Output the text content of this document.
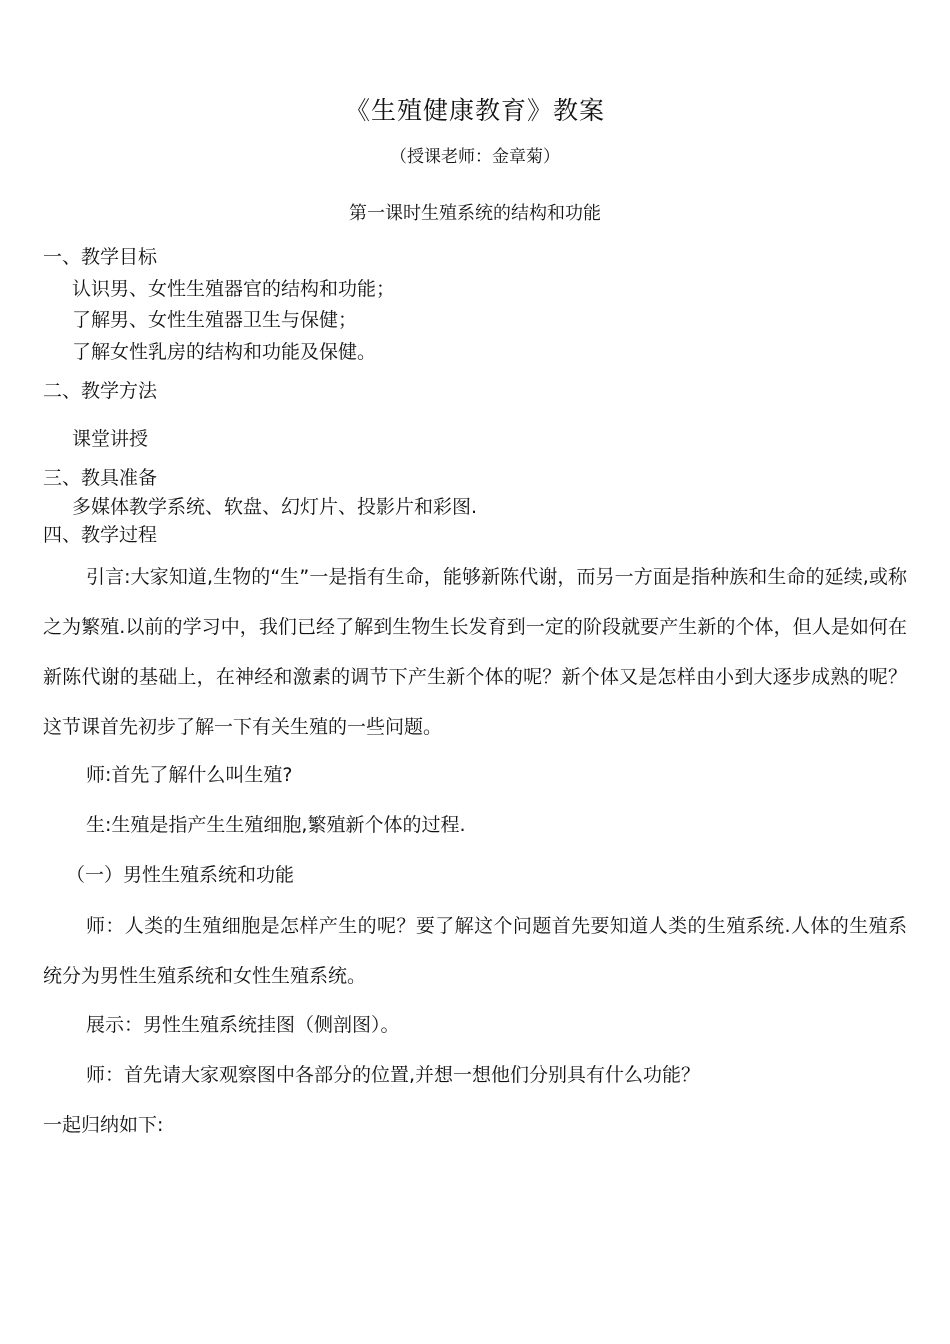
《生殖健康教育》教案
（授课老师：金章菊）
第一课时生殖系统的结构和功能
一、教学目标
认识男、女性生殖器官的结构和功能；
了解男、女性生殖器卫生与保健；
了解女性乳房的结构和功能及保健。
二、教学方法
课堂讲授
三、教具准备
多媒体教学系统、软盘、幻灯片、投影片和彩图.
四、教学过程
引言:大家知道,生物的“生”一是指有生命，能够新陈代谢，而另一方面是指种族和生命的延续,或称之为繁殖.以前的学习中，我们已经了解到生物生长发育到一定的阶段就要产生新的个体，但人是如何在新陈代谢的基础上，在神经和激素的调节下产生新个体的呢？新个体又是怎样由小到大逐步成熟的呢？这节课首先初步了解一下有关生殖的一些问题。
师:首先了解什么叫生殖?
生:生殖是指产生生殖细胞,繁殖新个体的过程.
（一）男性生殖系统和功能
师：人类的生殖细胞是怎样产生的呢？要了解这个问题首先要知道人类的生殖系统.人体的生殖系统分为男性生殖系统和女性生殖系统。
展示：男性生殖系统挂图（侧剖图）。
师：首先请大家观察图中各部分的位置,并想一想他们分别具有什么功能？
一起归纳如下:
